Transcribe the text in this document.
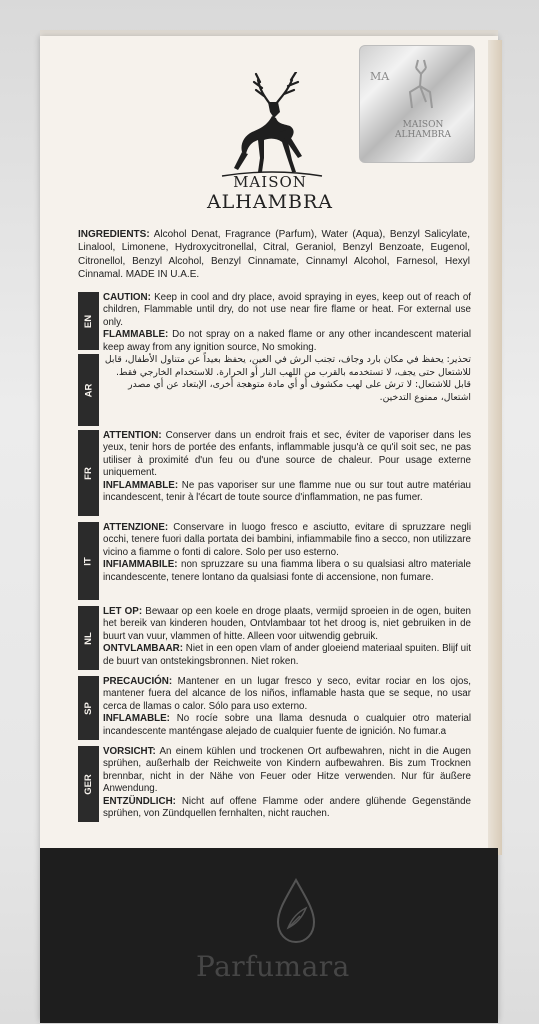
MA
MAISON
ALHAMBRA
MAISON
ALHAMBRA
INGREDIENTS: Alcohol Denat, Fragrance (Parfum), Water (Aqua), Benzyl Salicylate, Linalool, Limonene, Hydroxycitronellal, Citral, Geraniol, Benzyl Benzoate, Eugenol, Citronellol, Benzyl Alcohol, Benzyl Cinnamate, Cinnamyl Alcohol, Farnesol, Hexyl Cinnamal. MADE IN U.A.E.
EN

CAUTION: Keep in cool and dry place, avoid spraying in eyes, keep out of reach of children, Flammable until dry, do not use near fire flame or heat. For external use only.

FLAMMABLE: Do not spray on a naked flame or any other incandescent material keep away from any ignition source, No smoking.

AR

تحذير: يحفظ في مكان بارد وجاف، تجنب الرش في العين، يحفظ بعيداً عن متناول الأطفال، قابل للاشتعال حتى يجف، لا تستخدمه بالقرب من اللهب النار أو الحرارة. للاستخدام الخارجي فقط.

قابل للاشتعال: لا ترش على لهب مكشوف أو أي مادة متوهجة أخرى، الإبتعاد عن أي مصدر اشتعال، ممنوع التدخين.

FR

ATTENTION: Conserver dans un endroit frais et sec, éviter de vaporiser dans les yeux, tenir hors de portée des enfants, inflammable jusqu'à ce qu'il soit sec, ne pas utiliser à proximité d'un feu ou d'une source de chaleur. Pour usage externe uniquement.

INFLAMMABLE: Ne pas vaporiser sur une flamme nue ou sur tout autre matériau incandescent, tenir à l'écart de toute source d'inflammation, ne pas fumer.

IT

ATTENZIONE: Conservare in luogo fresco e asciutto, evitare di spruzzare negli occhi, tenere fuori dalla portata dei bambini, infiammabile fino a secco, non utilizzare vicino a fiamme o fonti di calore. Solo per uso esterno.

INFIAMMABILE: non spruzzare su una fiamma libera o su qualsiasi altro materiale incandescente, tenere lontano da qualsiasi fonte di accensione, non fumare.

NL

LET OP: Bewaar op een koele en droge plaats, vermijd sproeien in de ogen, buiten het bereik van kinderen houden, Ontvlambaar tot het droog is, niet gebruiken in de buurt van vuur, vlammen of hitte. Alleen voor uitwendig gebruik.

ONTVLAMBAAR: Niet in een open vlam of ander gloeiend materiaal spuiten. Blijf uit de buurt van ontstekingsbronnen. Niet roken.

SP

PRECAUCIÓN: Mantener en un lugar fresco y seco, evitar rociar en los ojos, mantener fuera del alcance de los niños, inflamable hasta que se seque, no usar cerca de llamas o calor. Sólo para uso externo.

INFLAMABLE: No rocíe sobre una llama desnuda o cualquier otro material incandescente manténgase alejado de cualquier fuente de ignición. No fumar.a

GER

VORSICHT: An einem kühlen und trockenen Ort aufbewahren, nicht in die Augen sprühen, außerhalb der Reichweite von Kindern aufbewahren. Bis zum Trocknen brennbar, nicht in der Nähe von Feuer oder Hitze verwenden. Nur für äußere Anwendung.

ENTZÜNDLICH: Nicht auf offene Flamme oder andere glühende Gegenstände sprühen, von Zündquellen fernhalten, nicht rauchen.

Parfumara
